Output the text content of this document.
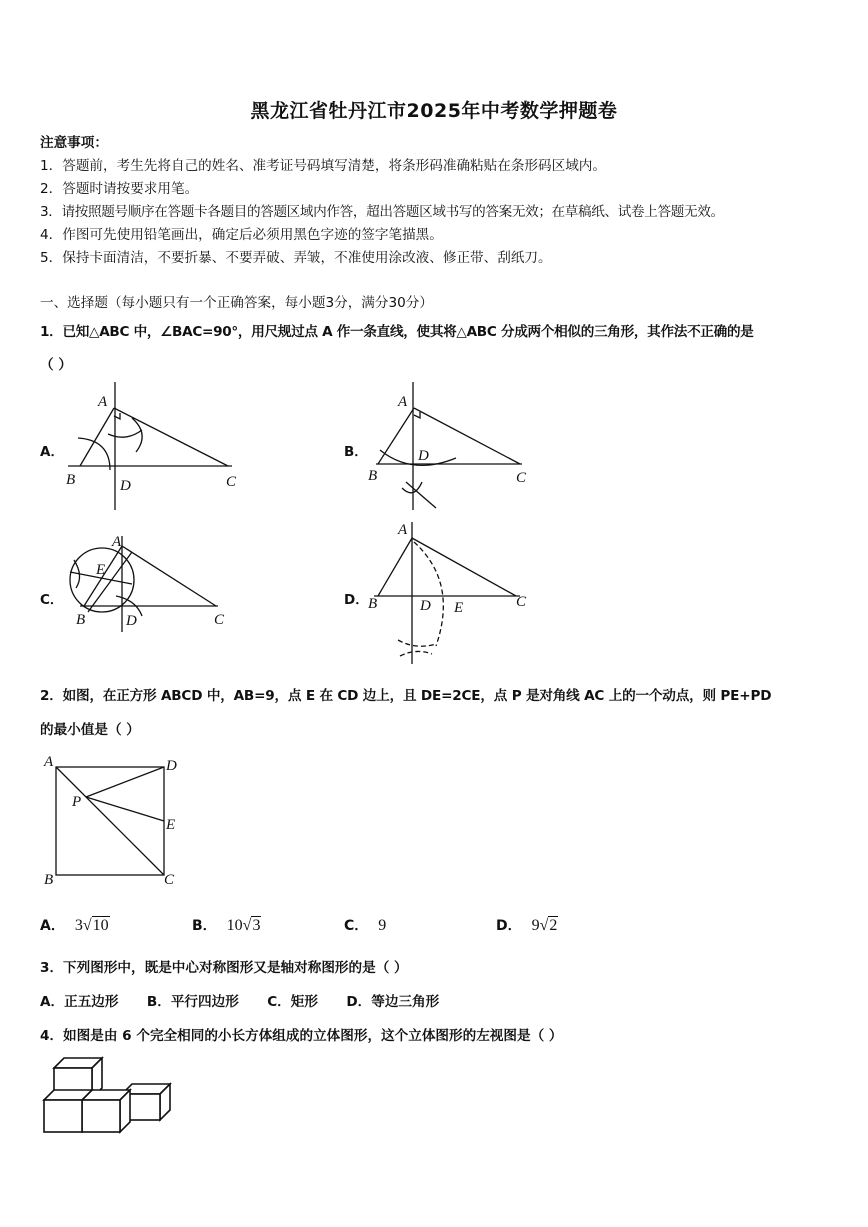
黑龙江省牡丹江市2025年中考数学押题卷
注意事项：
1．答题前，考生先将自己的姓名、准考证号码填写清楚，将条形码准确粘贴在条形码区域内。
2．答题时请按要求用笔。
3．请按照题号顺序在答题卡各题目的答题区域内作答，超出答题区域书写的答案无效；在草稿纸、试卷上答题无效。
4．作图可先使用铅笔画出，确定后必须用黑色字迹的签字笔描黑。
5．保持卡面清洁，不要折暴、不要弄破、弄皱，不准使用涂改液、修正带、刮纸刀。
一、选择题（每小题只有一个正确答案，每小题3分，满分30分）
1．已知△ABC 中，∠BAC=90°，用尺规过点 A 作一条直线，使其将△ABC 分成两个相似的三角形，其作法不正确的是
（ ）
A．	B．
C．	D．
A
B	D	C
A
D
B	C
A
E
B	D	C
A
B	D E	C
2．如图，在正方形 ABCD 中，AB=9，点 E 在 CD 边上，且 DE=2CE，点 P 是对角线 AC 上的一个动点，则 PE+PD
的最小值是（ ）
A	D
P
E
B	C
A． 3√10	B． 10√3	C． 9	D． 9√2
3．下列图形中，既是中心对称图形又是轴对称图形的是（ ）
A．正五边形      B．平行四边形      C．矩形      D．等边三角形
4．如图是由 6 个完全相同的小长方体组成的立体图形，这个立体图形的左视图是（ ）
